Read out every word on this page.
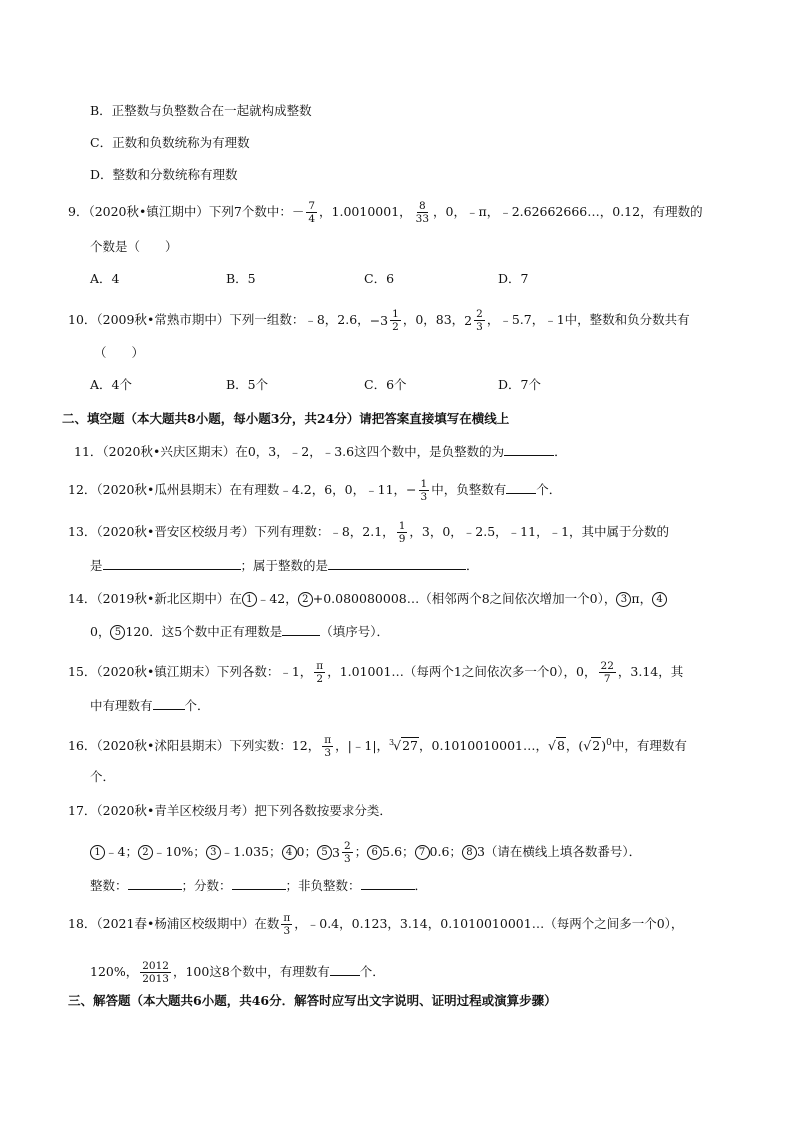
B．正整数与负整数合在一起就构成整数
C．正数和负数统称为有理数
D．整数和分数统称有理数
9．（2020秋•镇江期中）下列7个数中：－ $\frac{7}{4}$ ，1.0010001， $\frac{8}{33}$ ，0，﹣π，﹣2.62662666…，0.12，有理数的
个数是（　　）
A．4	B．5	C．6	D．7
10．（2009秋•常熟市期中）下列一组数：﹣8，2.6， − $3 \frac{1}{2}$ ，0，83， $2 \frac{2}{3}$ ，﹣5.7，﹣1中，整数和负分数共有
（　　）
A．4个	B．5个	C．6个	D．7个
二、填空题（本大题共8小题，每小题3分，共24分）请把答案直接填写在横线上
11．（2020秋•兴庆区期末）在0，3，﹣2，﹣3.6这四个数中，是负整数的为	．
12．（2020秋•瓜州县期末）在有理数﹣4.2，6，0，﹣11，− $\frac{1}{3}$ 中，负整数有 个．
13．（2020秋•晋安区校级月考）下列有理数：﹣8，2.1， $\frac{1}{9}$ ，3，0，﹣2.5，﹣11，﹣1，其中属于分数的
是	；属于整数的是	．
14．（2019秋•新北区期中）在 1 ﹣42， 2 +0.080080008…（相邻两个8之间依次增加一个0）， 3 π， 4
0， 5 120．这5个数中正有理数是	（填序号）．
15．（2020秋•镇江期末）下列各数：﹣1， $\frac{\pi}{2}$ ，1.01001…（每两个1之间依次多一个0），0， $\frac{22}{7}$ ，3.14，其
中有理数有	个．
16．（2020秋•沭阳县期末）下列实数：12， $\frac{\pi}{3}$ ，|﹣1|，$^3$√27，0.1010010001…，√8，$(√2)^0$中，有理数有
个．
17．（2020秋•青羊区校级月考）把下列各数按要求分类．
1 ﹣4； 2 ﹣10%； 3 ﹣1.035； 4 0； 5 $3 \frac{2}{3}$ ； 6 5.6； 7 0.6； 8 3（请在横线上填各数番号）．
整数：	；分数：	；非负整数：	．
18．（2021春•杨浦区校级期中）在数 $\frac{\pi}{3}$ ，﹣0.4，0.123，3.14，0.1010010001…（每两个之间多一个0），
120%， $\frac{2012}{2013}$ ，100这8个数中，有理数有 个．
三、解答题（本大题共6小题，共46分．解答时应写出文字说明、证明过程或演算步骤）
